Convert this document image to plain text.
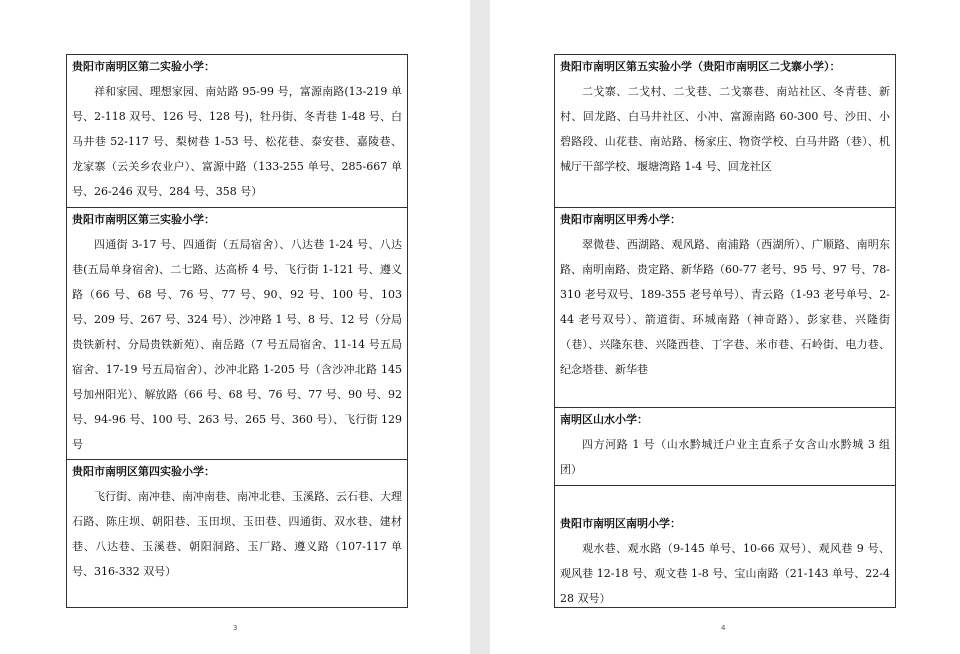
贵阳市南明区第二实验小学：
祥和家园、理想家园、南站路 95-99 号，富源南路(13-219 单号、2-118 双号、126 号、128 号)，牡丹街、冬青巷 1-48 号、白马井巷 52-117 号、梨树巷 1-53 号、松花巷、泰安巷、嘉陵巷、龙家寨（云关乡农业户）、富源中路（133-255 单号、285-667 单号、26-246 双号、284 号、358 号）
贵阳市南明区第三实验小学：
四通街 3-17 号、四通街（五局宿舍）、八达巷 1-24 号、八达巷(五局单身宿舍)、二七路、达高桥 4 号、飞行街 1-121 号、遵义路（66 号、68 号、76 号、77 号、90、92 号、100 号、103 号、209 号、267 号、324 号）、沙冲路 1 号、8 号、12 号（分局贵铁新村、分局贵铁新苑）、南岳路（7 号五局宿舍、11-14 号五局宿舍、17-19 号五局宿舍）、沙冲北路 1-205 号（含沙冲北路 145 号加州阳光）、解放路（66 号、68 号、76 号、77 号、90 号、92 号、94-96 号、100 号、263 号、265 号、360 号）、飞行街 129 号
贵阳市南明区第四实验小学：
飞行街、南冲巷、南冲南巷、南冲北巷、玉溪路、云石巷、大理石路、陈庄坝、朝阳巷、玉田坝、玉田巷、四通街、双水巷、建材巷、八达巷、玉溪巷、朝阳洞路、玉厂路、遵义路（107-117 单号、316-332 双号）
3
贵阳市南明区第五实验小学（贵阳市南明区二戈寨小学）：
二戈寨、二戈村、二戈巷、二戈寨巷、南站社区、冬青巷、新村、回龙路、白马井社区、小冲、富源南路 60-300 号、沙田、小碧路段、山花巷、南站路、杨家庄、物资学校、白马井路（巷）、机械厅干部学校、堰塘湾路 1-4 号、回龙社区
贵阳市南明区甲秀小学：
翠微巷、西湖路、观风路、南浦路（西湖所）、广顺路、南明东路、南明南路、贵定路、新华路（60-77 老号、95 号、97 号、78-310 老号双号、189-355 老号单号）、青云路（1-93 老号单号、2-44 老号双号）、箭道街、环城南路（神奇路）、彭家巷、兴隆街（巷）、兴隆东巷、兴隆西巷、丁字巷、米市巷、石岭街、电力巷、纪念塔巷、新华巷
南明区山水小学：
四方河路 1 号（山水黔城迁户业主直系子女含山水黔城 3 组团）
贵阳市南明区南明小学：
观水巷、观水路（9-145 单号、10-66 双号）、观风巷 9 号、观风巷 12-18 号、观文巷 1-8 号、宝山南路（21-143 单号、22-428 双号）
4
